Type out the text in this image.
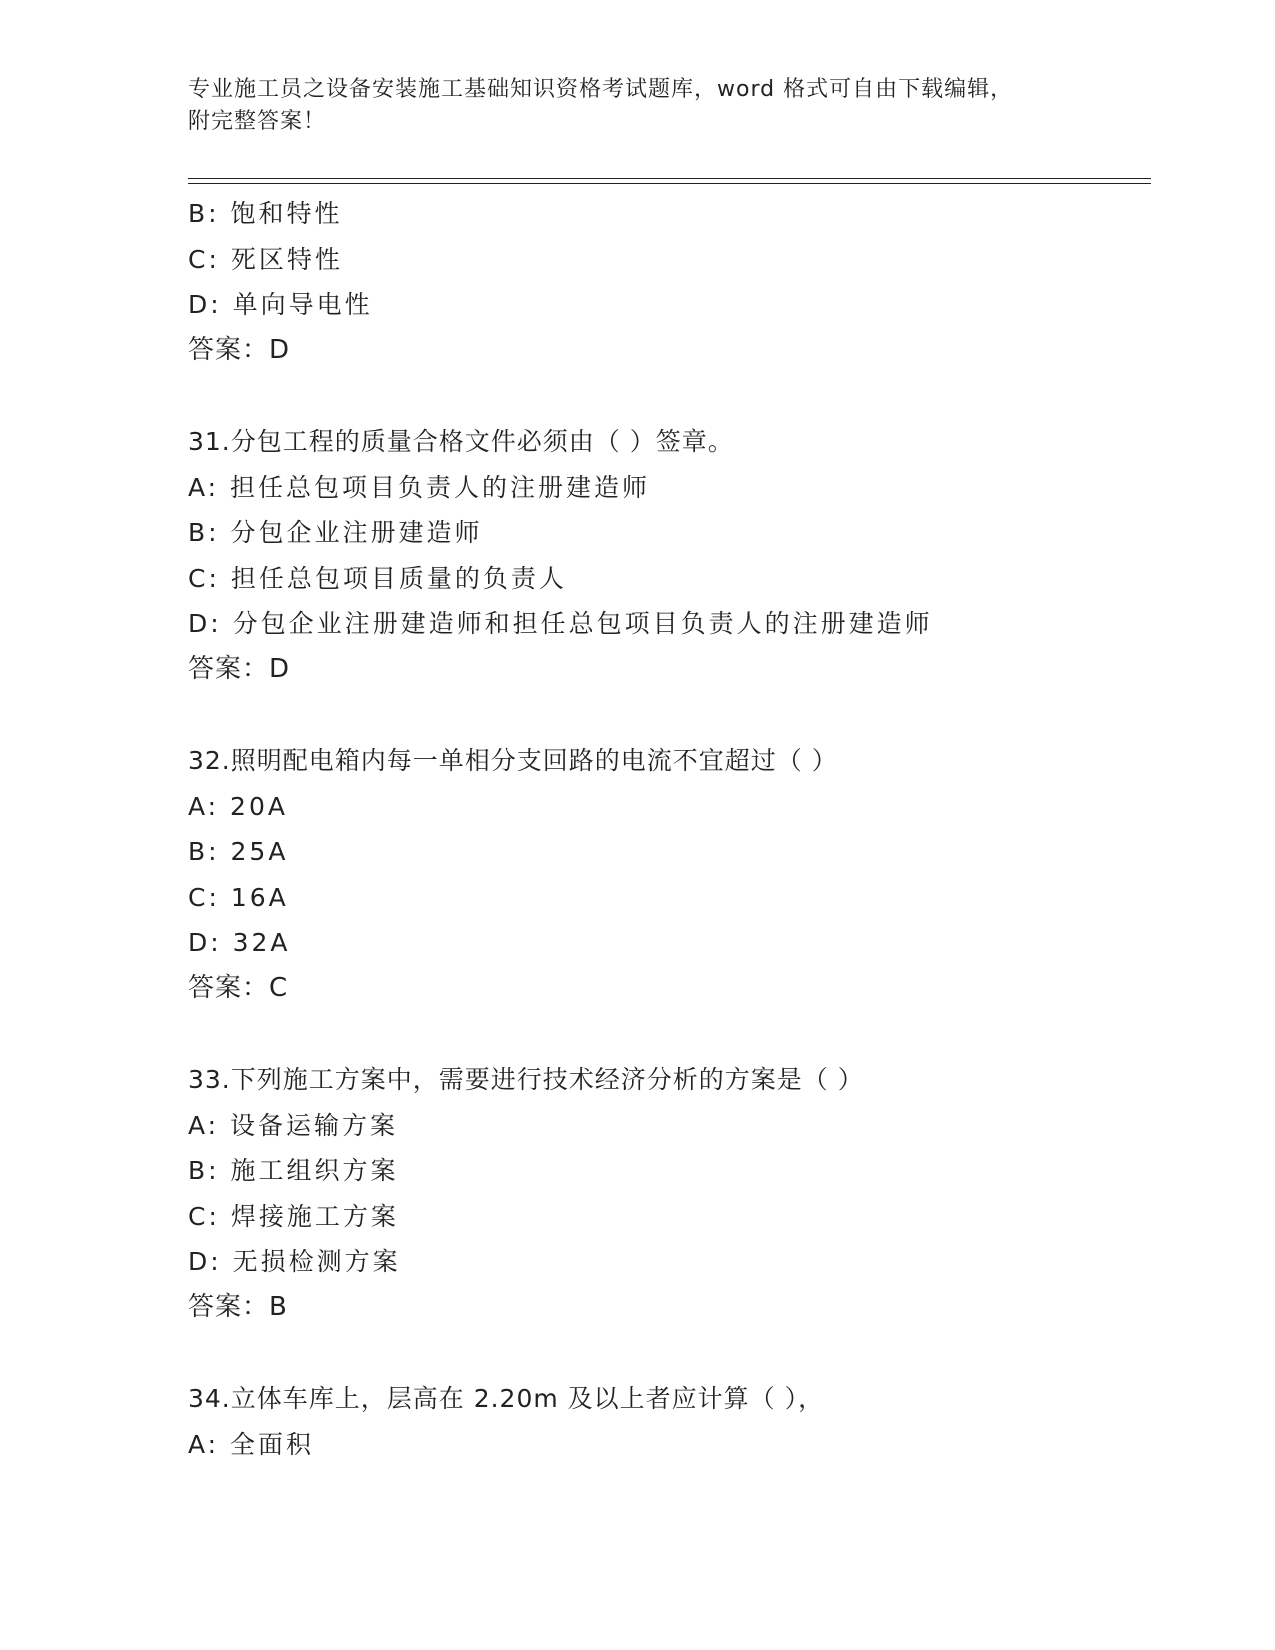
专业施工员之设备安装施工基础知识资格考试题库，word 格式可自由下载编辑，
附完整答案！
B: 饱和特性
C: 死区特性
D: 单向导电性
答案：D
31.分包工程的质量合格文件必须由（ ）签章。
A: 担任总包项目负责人的注册建造师
B: 分包企业注册建造师
C: 担任总包项目质量的负责人
D: 分包企业注册建造师和担任总包项目负责人的注册建造师
答案：D
32.照明配电箱内每一单相分支回路的电流不宜超过（ ）
A: 20A
B: 25A
C: 16A
D: 32A
答案：C
33.下列施工方案中，需要进行技术经济分析的方案是（ ）
A: 设备运输方案
B: 施工组织方案
C: 焊接施工方案
D: 无损检测方案
答案：B
34.立体车库上，层高在 2.20m 及以上者应计算（ ），
A: 全面积
